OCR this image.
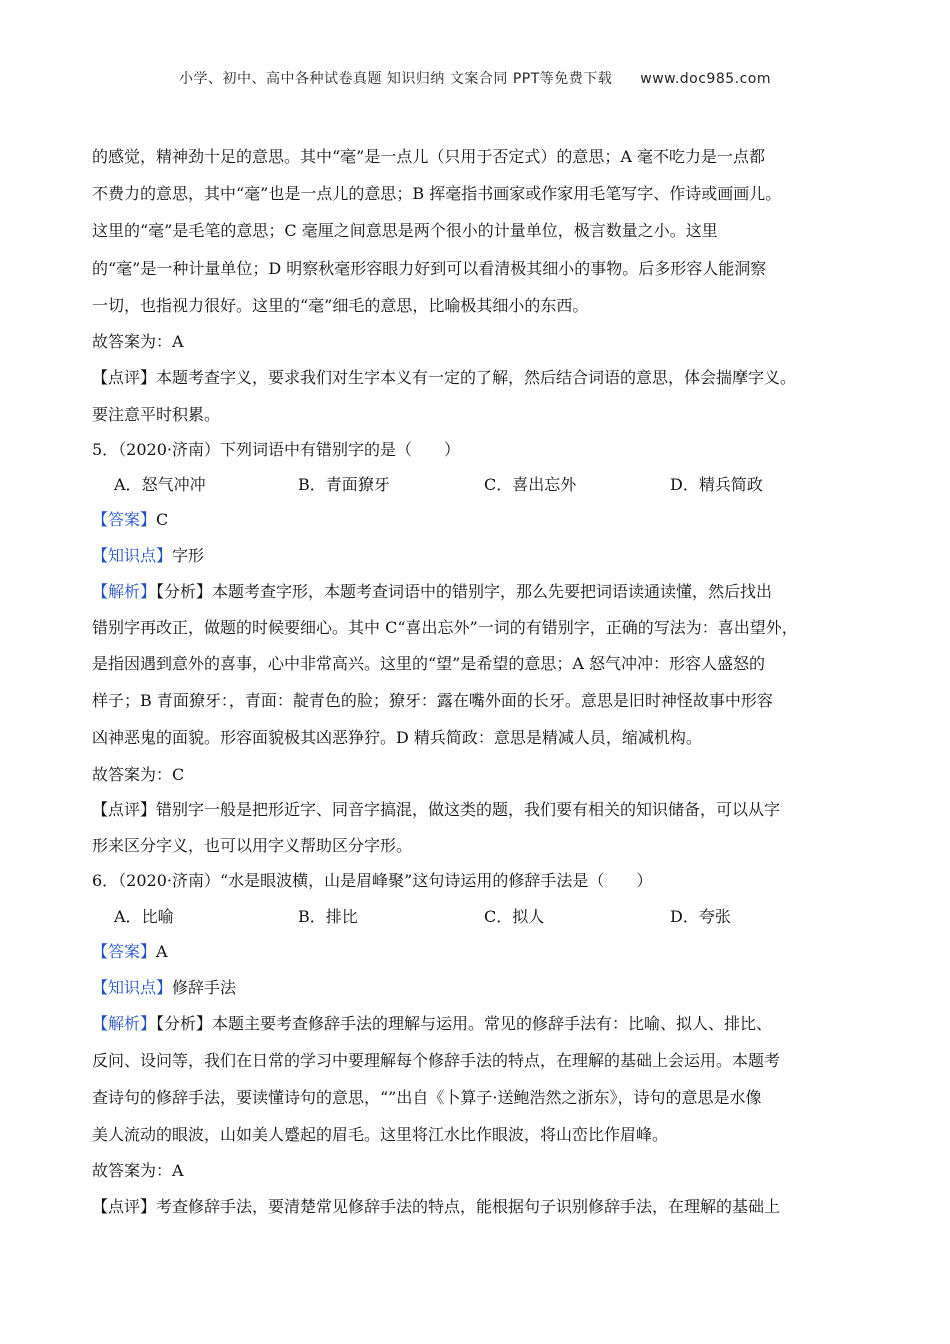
小学、初中、高中各种试卷真题 知识归纳 文案合同 PPT等免费下载 www.doc985.com
的感觉，精神劲十足的意思。其中“毫”是一点儿（只用于否定式）的意思；A 毫不吃力是一点都
不费力的意思，其中“毫”也是一点儿的意思；B 挥毫指书画家或作家用毛笔写字、作诗或画画儿。
这里的“毫”是毛笔的意思；C 毫厘之间意思是两个很小的计量单位，极言数量之小。这里
的“毫”是一种计量单位；D 明察秋毫形容眼力好到可以看清极其细小的事物。后多形容人能洞察
一切，也指视力很好。这里的“毫”细毛的意思，比喻极其细小的东西。
故答案为：A
【点评】本题考查字义，要求我们对生字本义有一定的了解，然后结合词语的意思，体会揣摩字义。
要注意平时积累。
5．（2020·济南）下列词语中有错别字的是（　　）
A．怒气冲冲	B．青面獠牙	C．喜出忘外	D．精兵简政
【答案】C
【知识点】字形
【解析】【分析】本题考查字形，本题考查词语中的错别字，那么先要把词语读通读懂，然后找出
错别字再改正，做题的时候要细心。其中 C“喜出忘外”一词的有错别字，正确的写法为：喜出望外，
是指因遇到意外的喜事，心中非常高兴。这里的“望”是希望的意思；A 怒气冲冲：形容人盛怒的
样子；B 青面獠牙：，青面：靛青色的脸；獠牙：露在嘴外面的长牙。意思是旧时神怪故事中形容
凶神恶鬼的面貌。形容面貌极其凶恶狰狞。D 精兵简政：意思是精减人员，缩减机构。
故答案为：C
【点评】错别字一般是把形近字、同音字搞混，做这类的题，我们要有相关的知识储备，可以从字
形来区分字义，也可以用字义帮助区分字形。
6．（2020·济南）“水是眼波横，山是眉峰聚”这句诗运用的修辞手法是（　　）
A．比喻	B．排比	C．拟人	D．夸张
【答案】A
【知识点】修辞手法
【解析】【分析】本题主要考查修辞手法的理解与运用。常见的修辞手法有：比喻、拟人、排比、
反问、设问等，我们在日常的学习中要理解每个修辞手法的特点，在理解的基础上会运用。本题考
查诗句的修辞手法，要读懂诗句的意思，“”出自《卜算子·送鲍浩然之浙东》，诗句的意思是水像
美人流动的眼波，山如美人蹙起的眉毛。这里将江水比作眼波，将山峦比作眉峰。
故答案为：A
【点评】考查修辞手法，要清楚常见修辞手法的特点，能根据句子识别修辞手法，在理解的基础上
